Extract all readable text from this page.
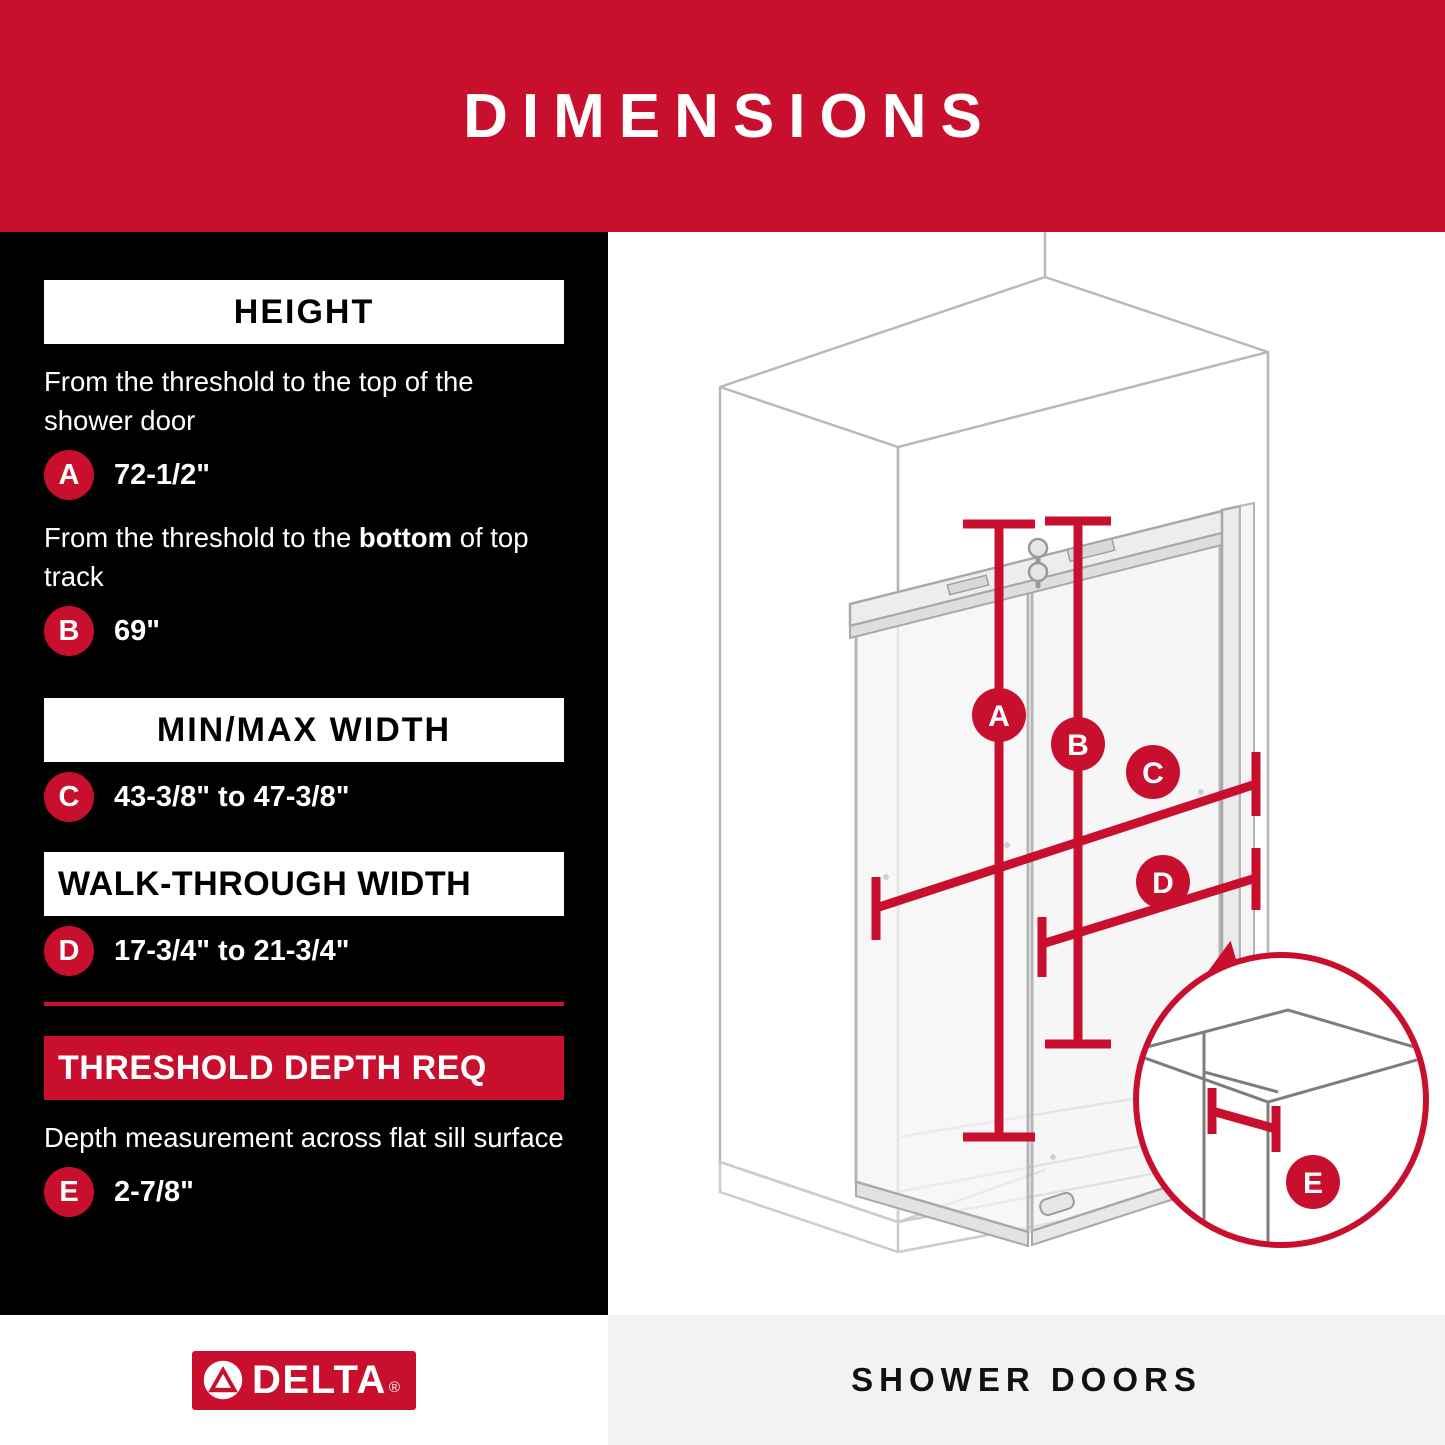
DIMENSIONS
HEIGHT
From the threshold to the top of the shower door
A	72-1/2"
From the threshold to the bottom of top track
B	69"
MIN/MAX WIDTH
C	43-3/8" to 47-3/8"
WALK-THROUGH WIDTH
D	17-3/4" to 21-3/4"
THRESHOLD DEPTH REQ
Depth measurement across flat sill surface
E	2-7/8"
A
B
C
D
E
DELTA ®	SHOWER DOORS
